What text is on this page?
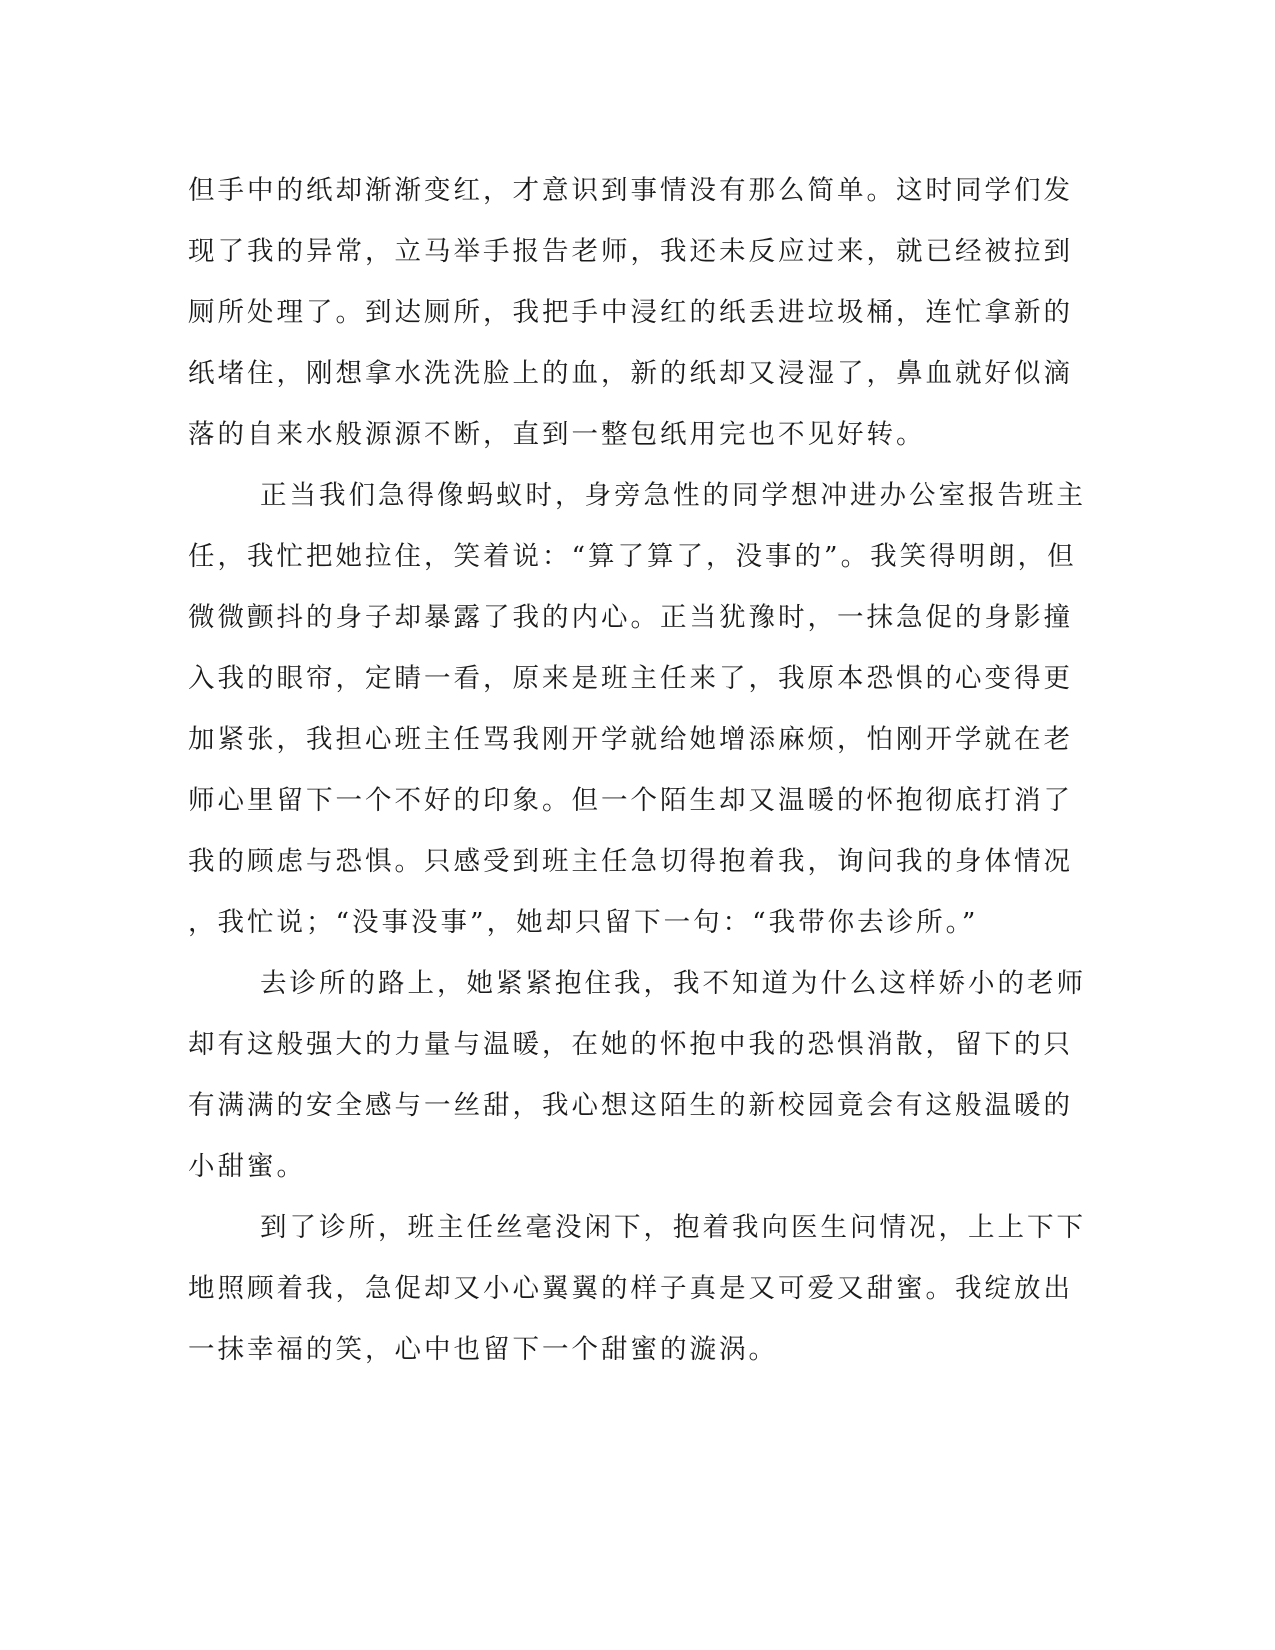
但手中的纸却渐渐变红，才意识到事情没有那么简单。这时同学们发
现了我的异常，立马举手报告老师，我还未反应过来，就已经被拉到
厕所处理了。到达厕所，我把手中浸红的纸丢进垃圾桶，连忙拿新的
纸堵住，刚想拿水洗洗脸上的血，新的纸却又浸湿了，鼻血就好似滴
落的自来水般源源不断，直到一整包纸用完也不见好转。
正当我们急得像蚂蚁时，身旁急性的同学想冲进办公室报告班主
任，我忙把她拉住，笑着说：“算了算了，没事的”。我笑得明朗，但
微微颤抖的身子却暴露了我的内心。正当犹豫时，一抹急促的身影撞
入我的眼帘，定睛一看，原来是班主任来了，我原本恐惧的心变得更
加紧张，我担心班主任骂我刚开学就给她增添麻烦，怕刚开学就在老
师心里留下一个不好的印象。但一个陌生却又温暖的怀抱彻底打消了
我的顾虑与恐惧。只感受到班主任急切得抱着我，询问我的身体情况
，我忙说；“没事没事”，她却只留下一句：“我带你去诊所。”
去诊所的路上，她紧紧抱住我，我不知道为什么这样娇小的老师
却有这般强大的力量与温暖，在她的怀抱中我的恐惧消散，留下的只
有满满的安全感与一丝甜，我心想这陌生的新校园竟会有这般温暖的
小甜蜜。
到了诊所，班主任丝毫没闲下，抱着我向医生问情况，上上下下
地照顾着我，急促却又小心翼翼的样子真是又可爱又甜蜜。我绽放出
一抹幸福的笑，心中也留下一个甜蜜的漩涡。
